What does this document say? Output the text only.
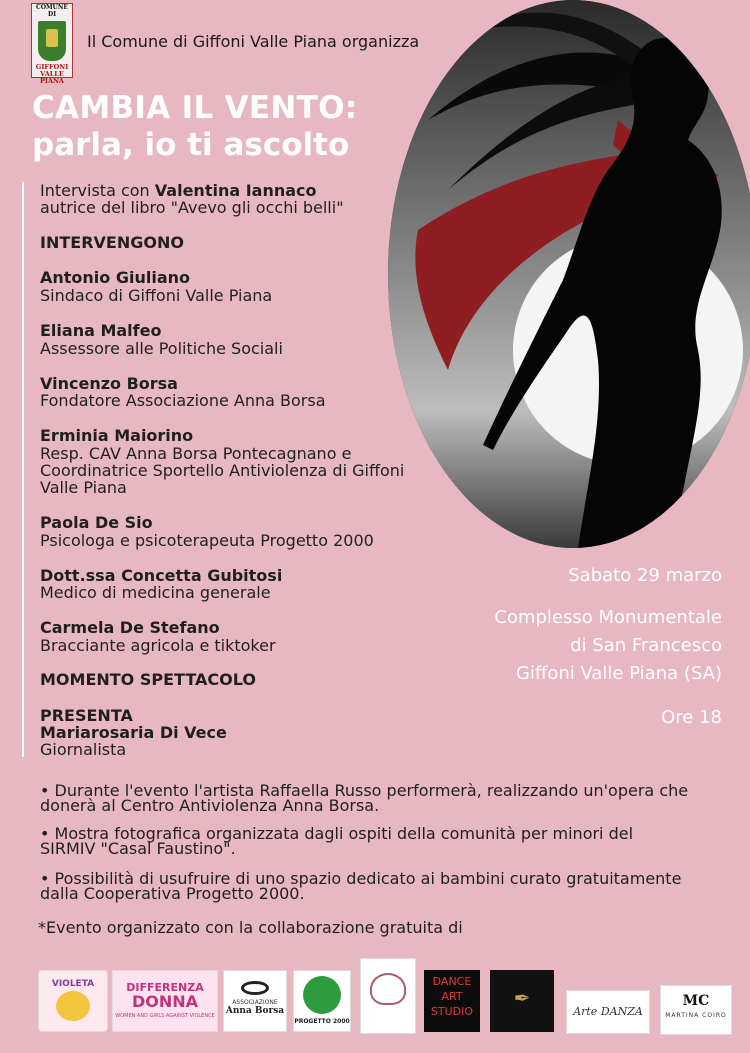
COMUNE DI
GIFFONI VALLE PIANA
Il Comune di Giffoni Valle Piana organizza
CAMBIA IL VENTO:
parla, io ti ascolto
Intervista con Valentina Iannaco
autrice del libro "Avevo gli occhi belli"
INTERVENGONO
Antonio Giuliano
Sindaco di Giffoni Valle Piana
Eliana Malfeo
Assessore alle Politiche Sociali
Vincenzo Borsa
Fondatore Associazione Anna Borsa
Erminia Maiorino
Resp. CAV Anna Borsa Pontecagnano e
Coordinatrice Sportello Antiviolenza di Giffoni
Valle Piana
Paola De Sio
Psicologa e psicoterapeuta Progetto 2000
Dott.ssa Concetta Gubitosi
Medico di medicina generale
Carmela De Stefano
Bracciante agricola e tiktoker
MOMENTO SPETTACOLO
PRESENTA
Mariarosaria Di Vece
Giornalista
Sabato 29 marzo
Complesso Monumentale
di San Francesco
Giffoni Valle Piana (SA)
Ore 18
• Durante l'evento l'artista Raffaella Russo performerà, realizzando un'opera che
donerà al Centro Antiviolenza Anna Borsa.
• Mostra fotografica organizzata dagli ospiti della comunità per minori del
SIRMIV "Casal Faustino".
• Possibilità di usufruire di uno spazio dedicato ai bambini curato gratuitamente
dalla Cooperativa Progetto 2000.
*Evento organizzato con la collaborazione gratuita di
VIOLETA	DIFFERENZA
DONNA
WOMEN AND GIRLS AGAINST VIOLENCE
ASSOCIAZIONE
Anna Borsa
PROGETTO 2000
DANCE
ART
STUDIO
✒
Arte DANZA
MC
MARTINA COIRO
